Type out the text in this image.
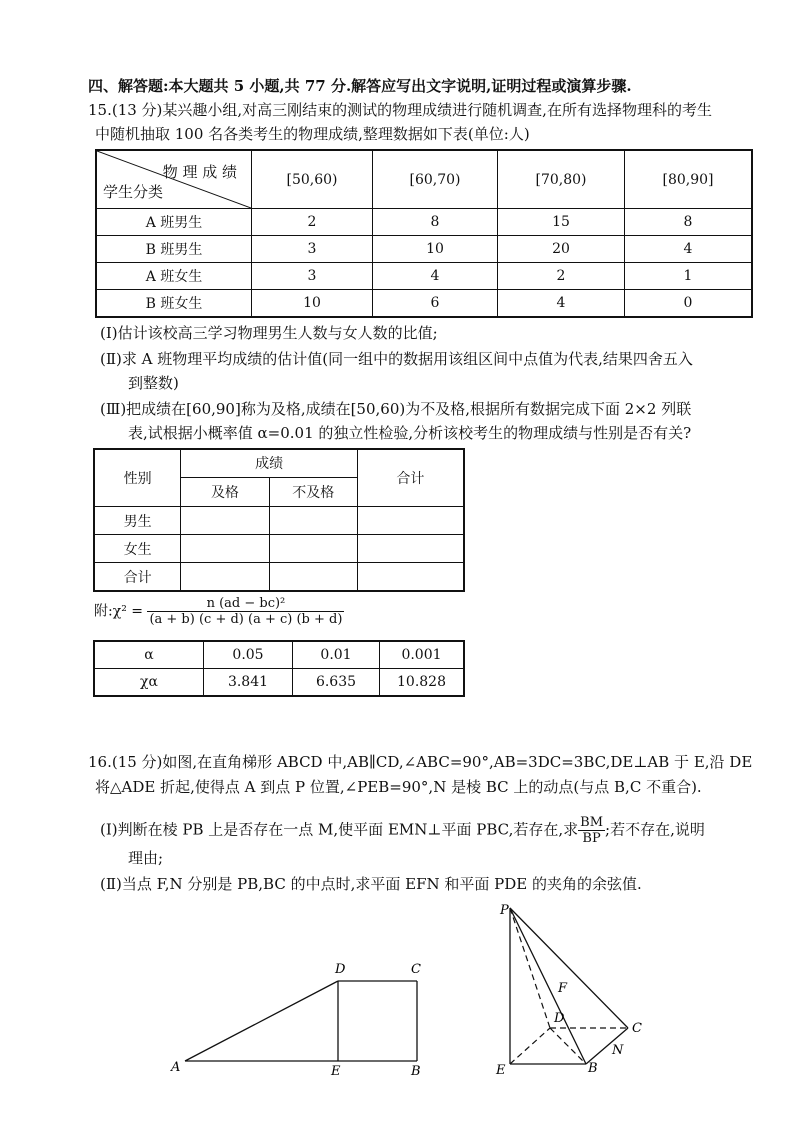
四、解答题:本大题共 5 小题,共 77 分.解答应写出文字说明,证明过程或演算步骤.
15.(13 分)某兴趣小组,对高三刚结束的测试的物理成绩进行随机调查,在所有选择物理科的考生
中随机抽取 100 名各类考生的物理成绩,整理数据如下表(单位:人)
物 理 成 绩
学生分类	[50,60)	[60,70)	[70,80)	[80,90]
A 班男生	2	8	15	8
B 班男生	3	10	20	4
A 班女生	3	4	2	1
B 班女生	10	6	4	0
(Ⅰ)估计该校高三学习物理男生人数与女人数的比值;
(Ⅱ)求 A 班物理平均成绩的估计值(同一组中的数据用该组区间中点值为代表,结果四舍五入
到整数)
(Ⅲ)把成绩在[60,90]称为及格,成绩在[50,60)为不及格,根据所有数据完成下面 2×2 列联
表,试根据小概率值 α=0.01 的独立性检验,分析该校考生的物理成绩与性别是否有关?
性别	成绩		合计
	及格	不及格	
男生			
女生			
合计			
附:χ² = $\frac{\text{n (ad − bc)²}}{(a + b) (c + d) (a + c) (b + d)}$
α	0.05	0.01	0.001
χα	3.841	6.635	10.828
16.(15 分)如图,在直角梯形 ABCD 中,AB∥CD,∠ABC=90°,AB=3DC=3BC,DE⊥AB 于 E,沿 DE
将△ADE 折起,使得点 A 到点 P 位置,∠PEB=90°,N 是棱 BC 上的动点(与点 B,C 不重合).
(Ⅰ)判断在棱 PB 上是否存在一点 M,使平面 EMN⊥平面 PBC,若存在,求 $\frac{BM}{BP}$ ;若不存在,说明
理由;
(Ⅱ)当点 F,N 分别是 PB,BC 的中点时,求平面 EFN 和平面 PDE 的夹角的余弦值.
A	E	B
D	C
P
D
C
E	B
N
F
